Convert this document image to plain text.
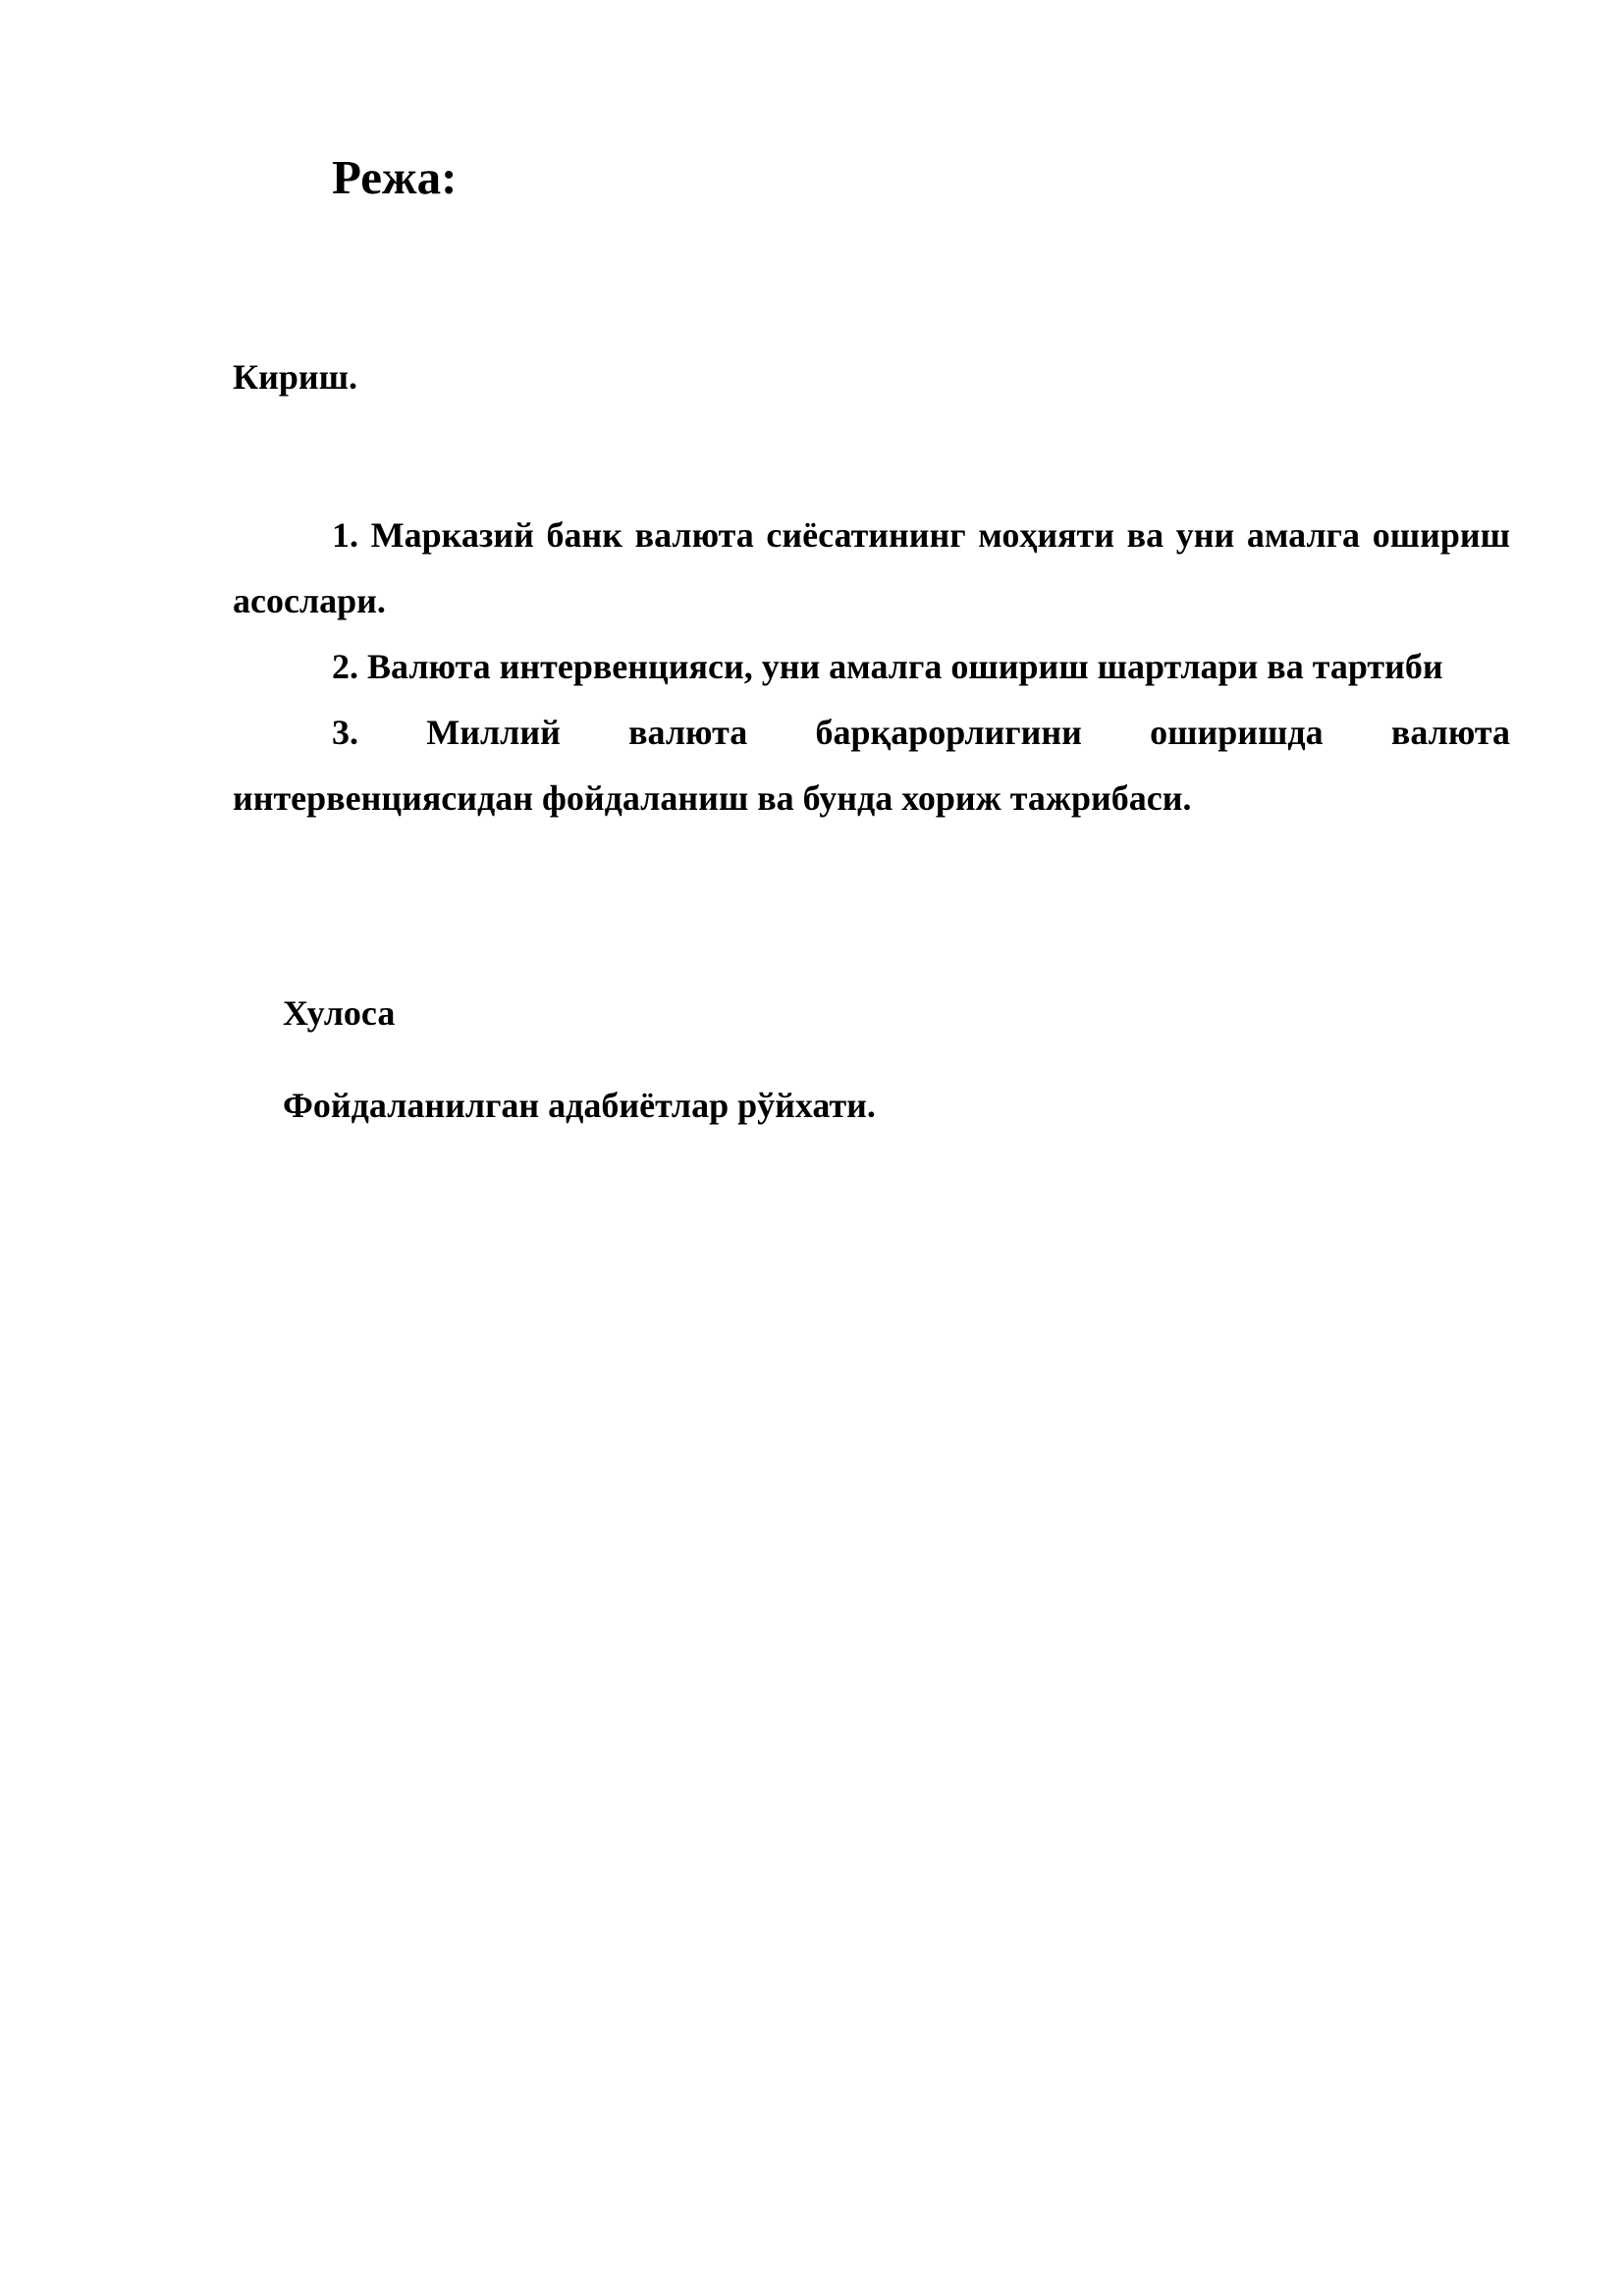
Режа:

Кириш.

1. Марказий банк валюта сиёсатининг моҳияти ва уни амалга ошириш асослари.
2. Валюта интервенцияси, уни амалга ошириш шартлари ва тартиби
3. Миллий валюта барқарорлигини оширишда валюта интервенциясидан фойдаланиш ва бунда хориж тажрибаси.

Хулоса

Фойдаланилган адабиётлар рўйхати.
